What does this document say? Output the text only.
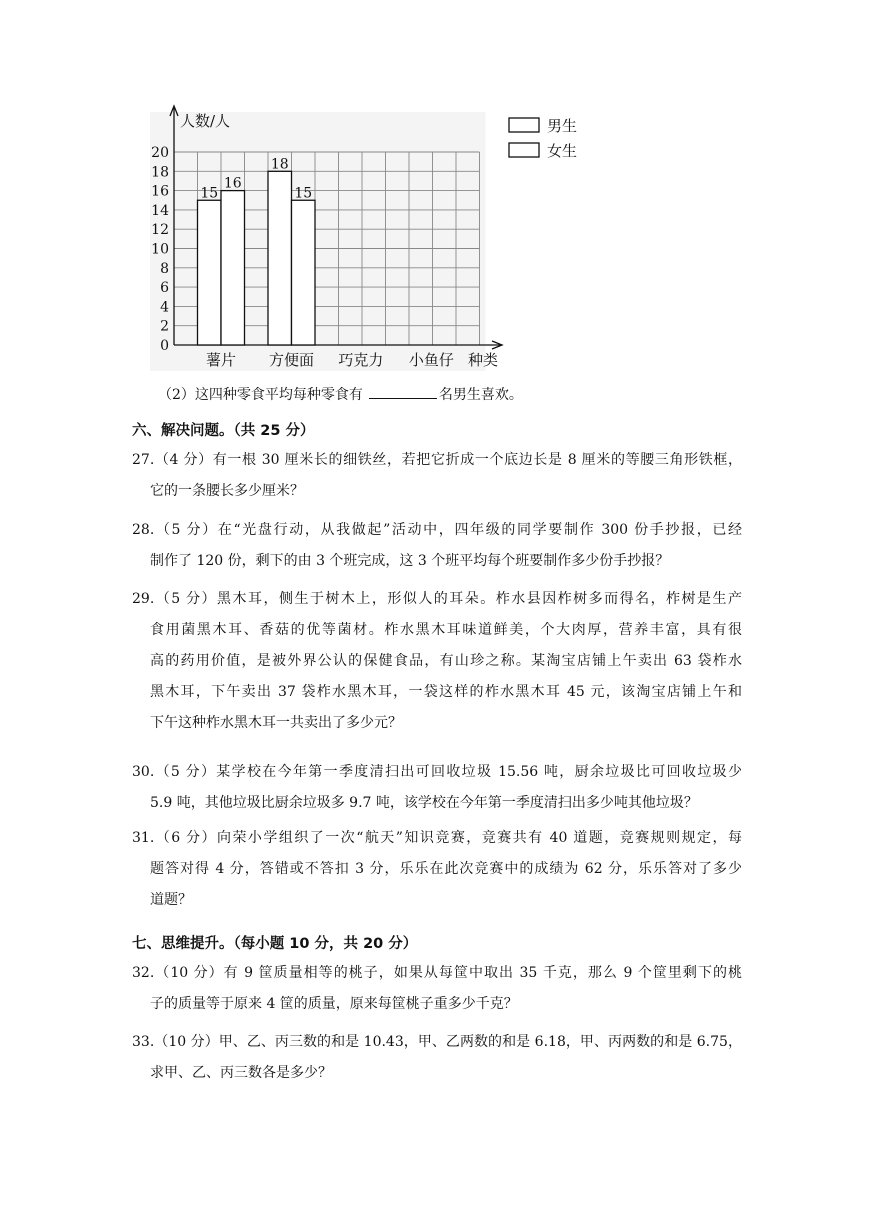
人数/人
种类
0
2
4
6
8
10
12
14
16
18
20
薯片 方便面 巧克力 小鱼仔
15
16
18
15
男生
女生
（2）这四种零食平均每种零食有	名男生喜欢。
六、解决问题。（共 25 分）
27.（4 分）有一根 30 厘米长的细铁丝，若把它折成一个底边长是 8 厘米的等腰三角形铁框，
它的一条腰长多少厘米？
28.（5 分）在“光盘行动，从我做起”活动中，四年级的同学要制作 300 份手抄报，已经
制作了 120 份，剩下的由 3 个班完成，这 3 个班平均每个班要制作多少份手抄报？
29.（5 分）黑木耳，侧生于树木上，形似人的耳朵。柞水县因柞树多而得名，柞树是生产
食用菌黑木耳、香菇的优等菌材。柞水黑木耳味道鲜美，个大肉厚，营养丰富，具有很
高的药用价值，是被外界公认的保健食品，有山珍之称。某淘宝店铺上午卖出 63 袋柞水
黑木耳，下午卖出 37 袋柞水黑木耳，一袋这样的柞水黑木耳 45 元，该淘宝店铺上午和
下午这种柞水黑木耳一共卖出了多少元？
30.（5 分）某学校在今年第一季度清扫出可回收垃圾 15.56 吨，厨余垃圾比可回收垃圾少
5.9 吨，其他垃圾比厨余垃圾多 9.7 吨，该学校在今年第一季度清扫出多少吨其他垃圾？
31.（6 分）向荣小学组织了一次“航天”知识竞赛，竞赛共有 40 道题，竞赛规则规定，每
题答对得 4 分，答错或不答扣 3 分，乐乐在此次竞赛中的成绩为 62 分，乐乐答对了多少
道题？
七、思维提升。（每小题 10 分，共 20 分）
32.（10 分）有 9 筐质量相等的桃子，如果从每筐中取出 35 千克，那么 9 个筐里剩下的桃
子的质量等于原来 4 筐的质量，原来每筐桃子重多少千克？
33.（10 分）甲、乙、丙三数的和是 10.43，甲、乙两数的和是 6.18，甲、丙两数的和是 6.75，
求甲、乙、丙三数各是多少？
